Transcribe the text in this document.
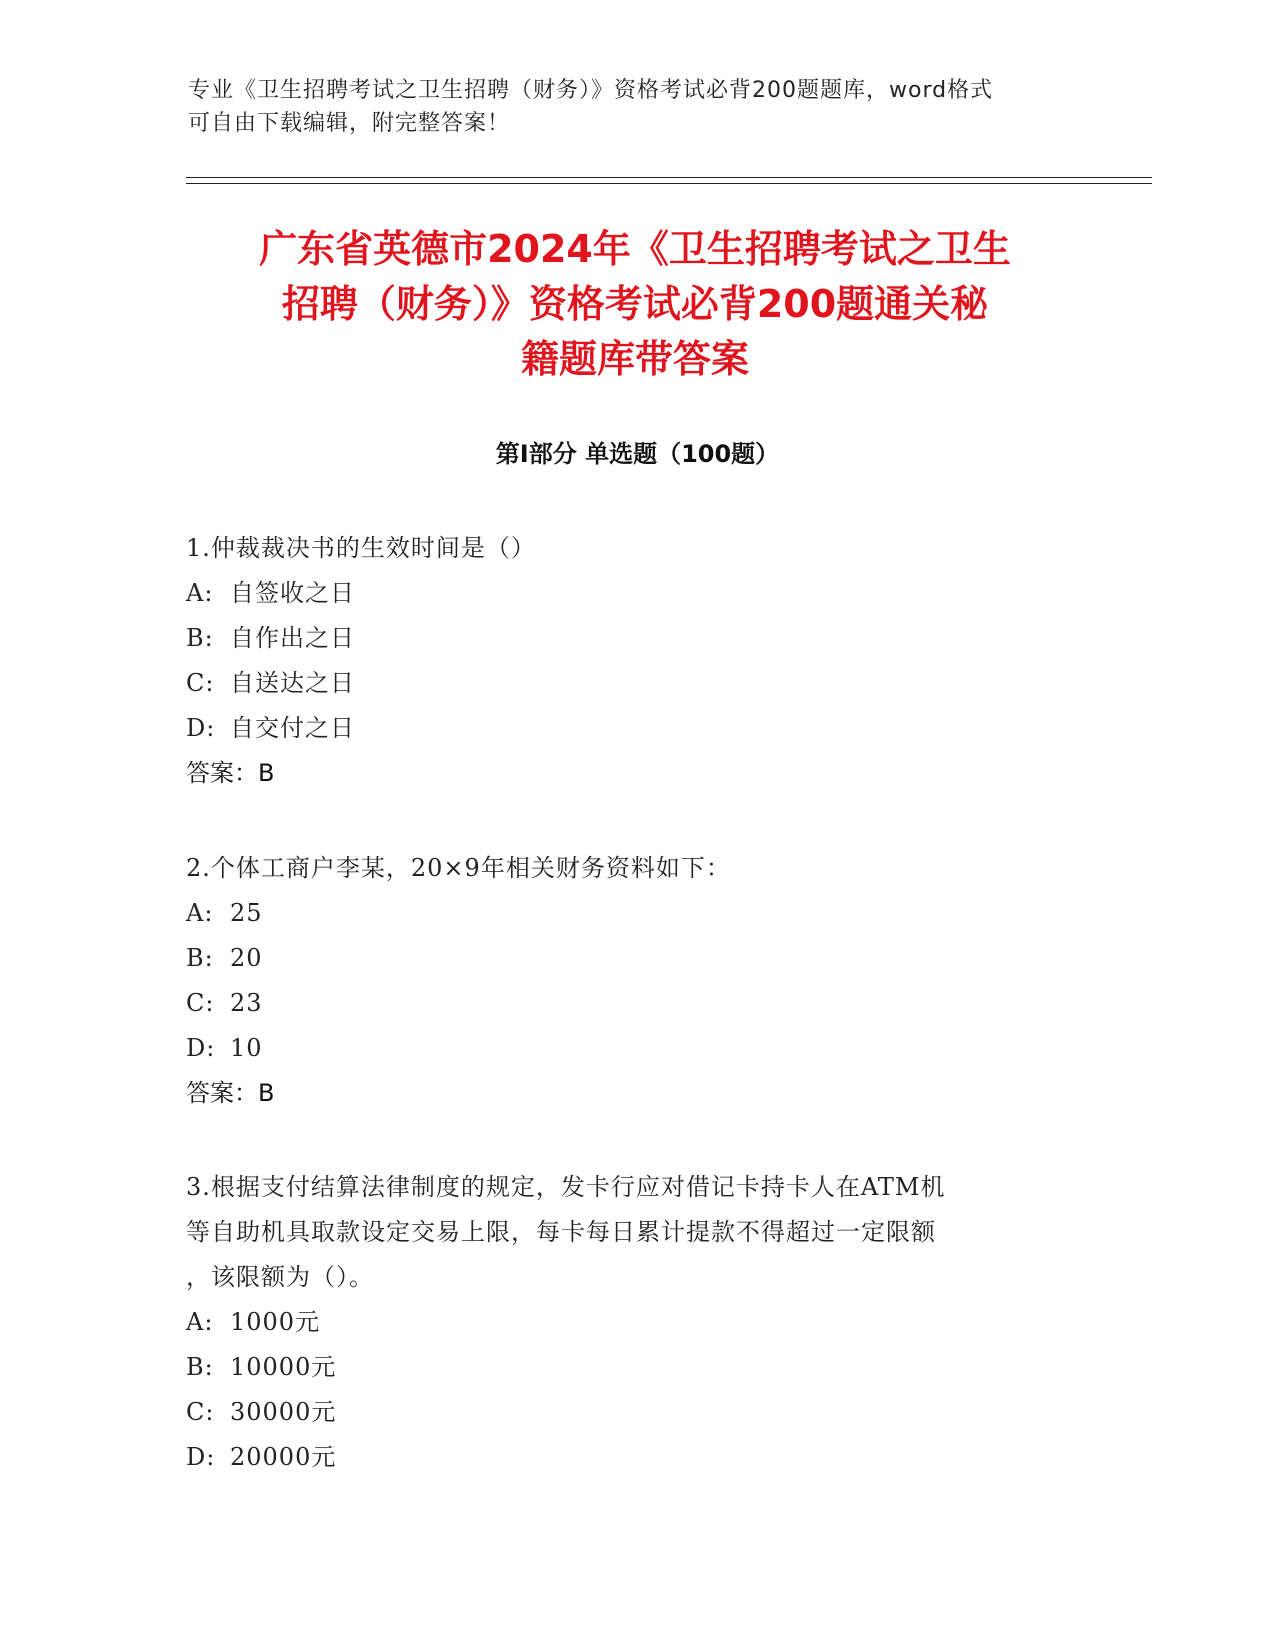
专业《卫生招聘考试之卫生招聘（财务）》资格考试必背200题题库，word格式
可自由下载编辑，附完整答案！
广东省英德市2024年《卫生招聘考试之卫生
招聘（财务）》资格考试必背200题通关秘
籍题库带答案
第Ⅰ部分 单选题（100题）

1.仲裁裁决书的生效时间是（）

A: 自签收之日

B: 自作出之日

C: 自送达之日

D: 自交付之日

答案：B

2.个体工商户李某，20×9年相关财务资料如下：

A: 25

B: 20

C: 23

D: 10

答案：B

3.根据支付结算法律制度的规定，发卡行应对借记卡持卡人在ATM机

等自助机具取款设定交易上限，每卡每日累计提款不得超过一定限额

，该限额为（）。

A: 1000元

B: 10000元

C: 30000元

D: 20000元
